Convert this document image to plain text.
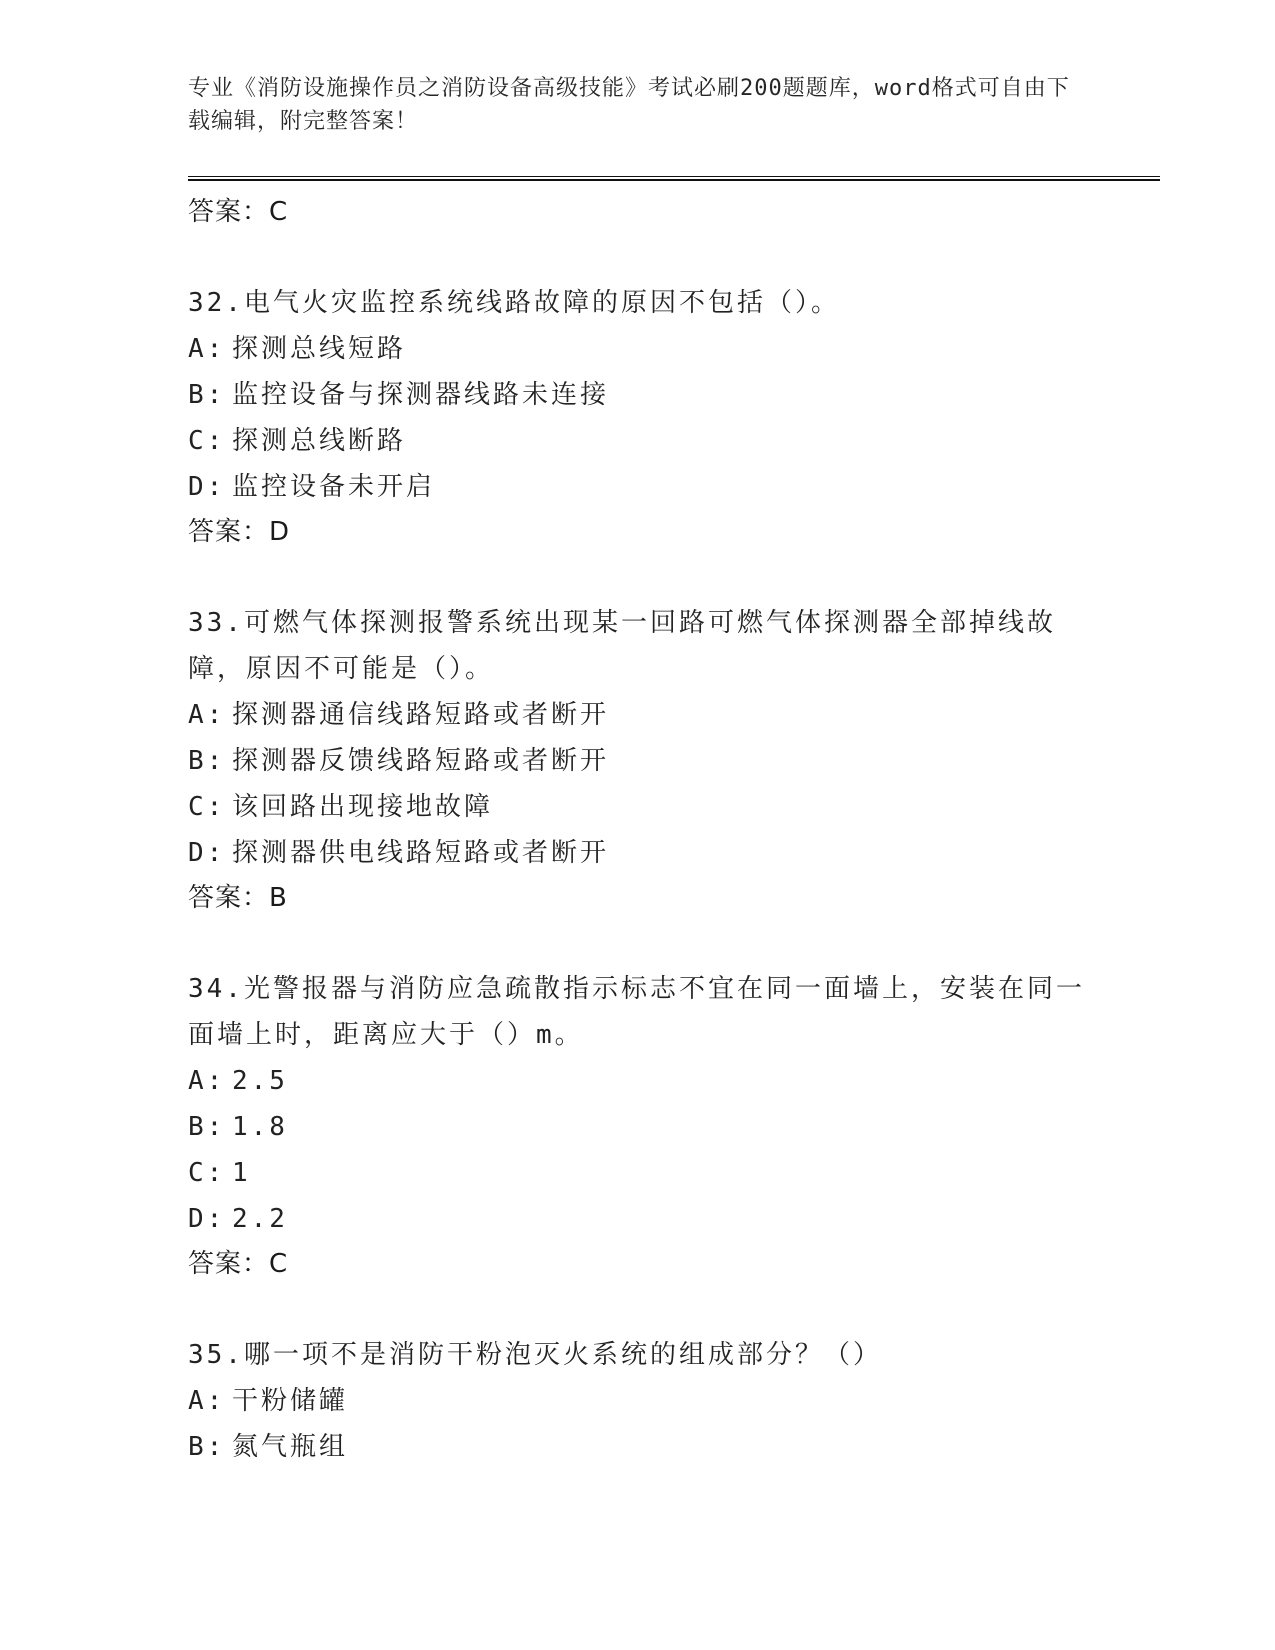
专业《消防设施操作员之消防设备高级技能》考试必刷200题题库，word格式可自由下载编辑，附完整答案！
答案：C
32.电气火灾监控系统线路故障的原因不包括（）。
A: 探测总线短路
B: 监控设备与探测器线路未连接
C: 探测总线断路
D: 监控设备未开启
答案：D
33.可燃气体探测报警系统出现某一回路可燃气体探测器全部掉线故障，原因不可能是（）。
A: 探测器通信线路短路或者断开
B: 探测器反馈线路短路或者断开
C: 该回路出现接地故障
D: 探测器供电线路短路或者断开
答案：B
34.光警报器与消防应急疏散指示标志不宜在同一面墙上，安装在同一面墙上时，距离应大于（）m。
A: 2.5
B: 1.8
C: 1
D: 2.2
答案：C
35.哪一项不是消防干粉泡灭火系统的组成部分？（）
A: 干粉储罐
B: 氮气瓶组
